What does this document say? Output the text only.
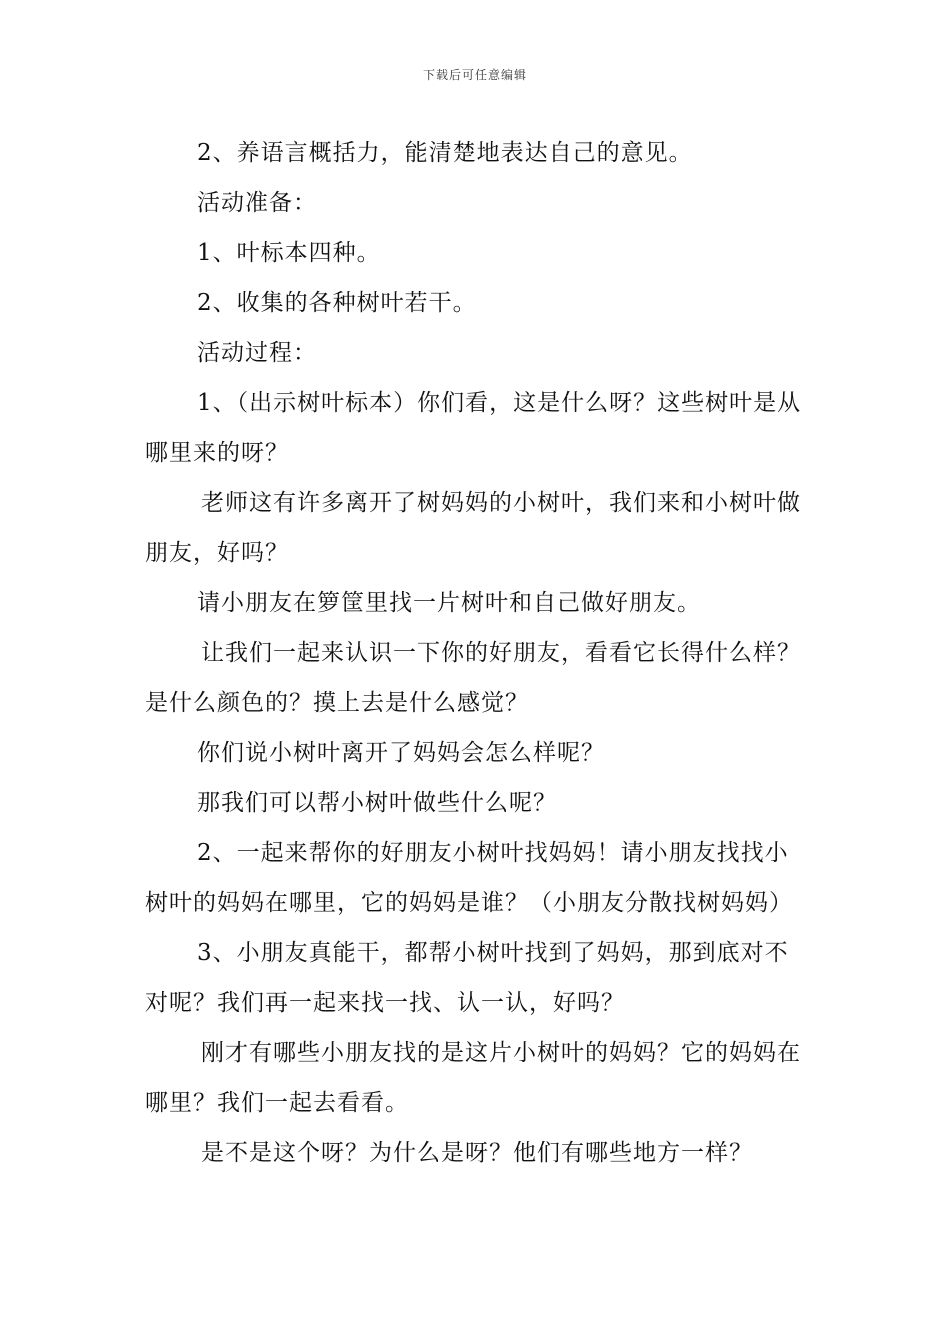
下载后可任意编辑

2、养语言概括力，能清楚地表达自己的意见。

活动准备：

1、叶标本四种。

2、收集的各种树叶若干。

活动过程：

1、（出示树叶标本）你们看，这是什么呀？这些树叶是从哪里来的呀？

老师这有许多离开了树妈妈的小树叶，我们来和小树叶做朋友，好吗？

请小朋友在箩筐里找一片树叶和自己做好朋友。

让我们一起来认识一下你的好朋友，看看它长得什么样？是什么颜色的？摸上去是什么感觉？

你们说小树叶离开了妈妈会怎么样呢？

那我们可以帮小树叶做些什么呢？

2、一起来帮你的好朋友小树叶找妈妈！请小朋友找找小树叶的妈妈在哪里，它的妈妈是谁？（小朋友分散找树妈妈）

3、小朋友真能干，都帮小树叶找到了妈妈，那到底对不对呢？我们再一起来找一找、认一认，好吗？

刚才有哪些小朋友找的是这片小树叶的妈妈？它的妈妈在哪里？我们一起去看看。

是不是这个呀？为什么是呀？他们有哪些地方一样？
